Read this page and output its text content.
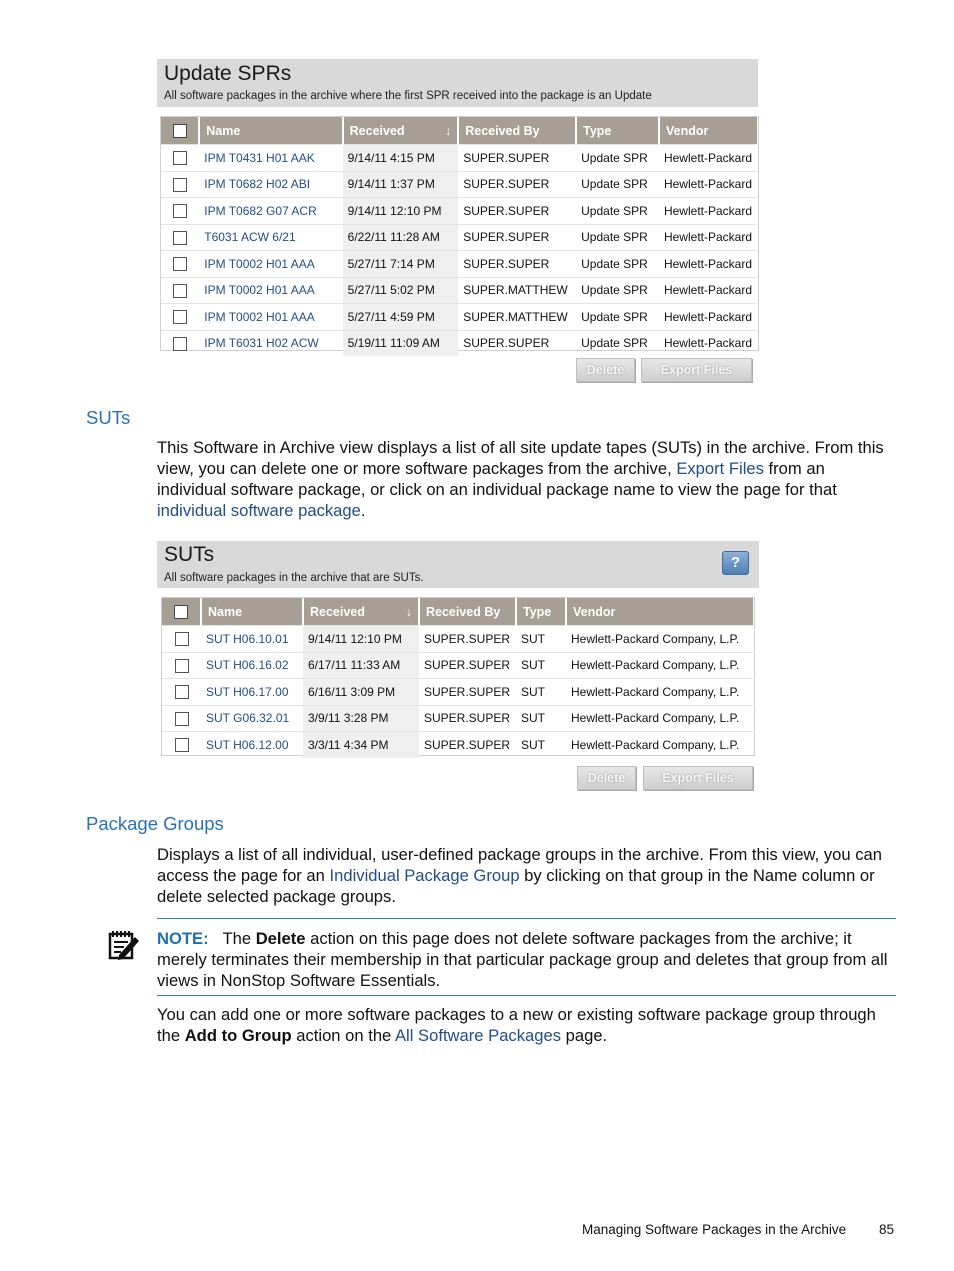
Update SPRs
All software packages in the archive where the first SPR received into the package is an Update
	Name	Received ↓	Received By	Type	Vendor
	IPM T0431 H01 AAK	9/14/11 4:15 PM	SUPER.SUPER	Update SPR	Hewlett-Packard
	IPM T0682 H02 ABI	9/14/11 1:37 PM	SUPER.SUPER	Update SPR	Hewlett-Packard
	IPM T0682 G07 ACR	9/14/11 12:10 PM	SUPER.SUPER	Update SPR	Hewlett-Packard
	T6031 ACW 6/21	6/22/11 11:28 AM	SUPER.SUPER	Update SPR	Hewlett-Packard
	IPM T0002 H01 AAA	5/27/11 7:14 PM	SUPER.SUPER	Update SPR	Hewlett-Packard
	IPM T0002 H01 AAA	5/27/11 5:02 PM	SUPER.MATTHEW	Update SPR	Hewlett-Packard
	IPM T0002 H01 AAA	5/27/11 4:59 PM	SUPER.MATTHEW	Update SPR	Hewlett-Packard
	IPM T6031 H02 ACW	5/19/11 11:09 AM	SUPER.SUPER	Update SPR	Hewlett-Packard
Delete	Export Files
SUTs
This Software in Archive view displays a list of all site update tapes (SUTs) in the archive. From this view, you can delete one or more software packages from the archive, Export Files from an individual software package, or click on an individual package name to view the page for that individual software package.
SUTs
All software packages in the archive that are SUTs.
?
	Name	Received ↓	Received By	Type	Vendor
	SUT H06.10.01	9/14/11 12:10 PM	SUPER.SUPER	SUT	Hewlett-Packard Company, L.P.
	SUT H06.16.02	6/17/11 11:33 AM	SUPER.SUPER	SUT	Hewlett-Packard Company, L.P.
	SUT H06.17.00	6/16/11 3:09 PM	SUPER.SUPER	SUT	Hewlett-Packard Company, L.P.
	SUT G06.32.01	3/9/11 3:28 PM	SUPER.SUPER	SUT	Hewlett-Packard Company, L.P.
	SUT H06.12.00	3/3/11 4:34 PM	SUPER.SUPER	SUT	Hewlett-Packard Company, L.P.
Delete	Export Files
Package Groups
Displays a list of all individual, user-defined package groups in the archive. From this view, you can access the page for an Individual Package Group by clicking on that group in the Name column or delete selected package groups.
NOTE: The Delete action on this page does not delete software packages from the archive; it merely terminates their membership in that particular package group and deletes that group from all views in NonStop Software Essentials.
You can add one or more software packages to a new or existing software package group through the Add to Group action on the All Software Packages page.
Managing Software Packages in the Archive 85
